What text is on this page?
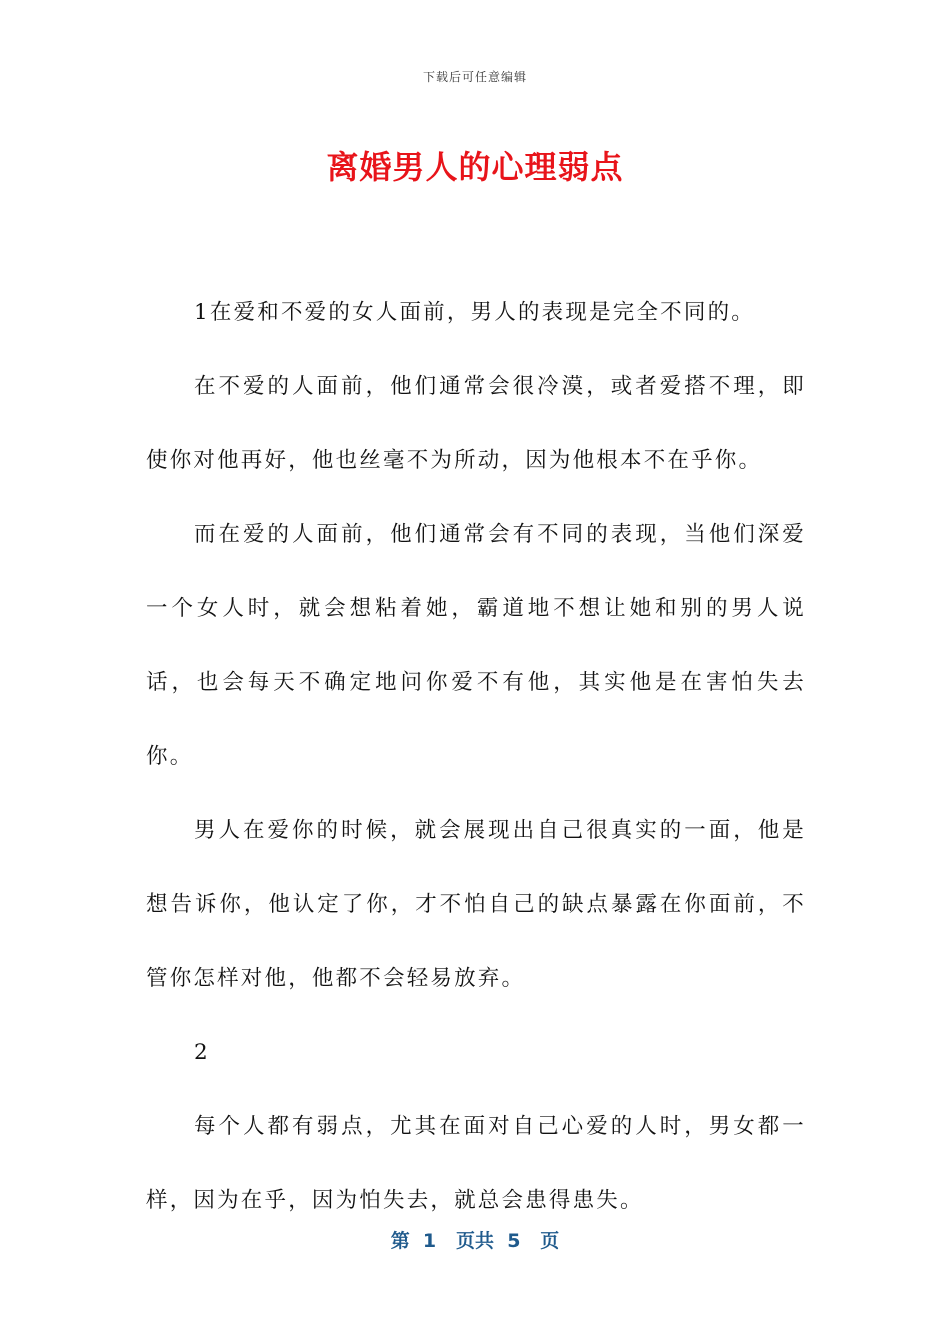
下载后可任意编辑
离婚男人的心理弱点

1在爱和不爱的女人面前，男人的表现是完全不同的。

在不爱的人面前，他们通常会很冷漠，或者爱搭不理，即使你对他再好，他也丝毫不为所动，因为他根本不在乎你。

而在爱的人面前，他们通常会有不同的表现，当他们深爱一个女人时，就会想粘着她，霸道地不想让她和别的男人说话，也会每天不确定地问你爱不有他，其实他是在害怕失去你。

男人在爱你的时候，就会展现出自己很真实的一面，他是想告诉你，他认定了你，才不怕自己的缺点暴露在你面前，不管你怎样对他，他都不会轻易放弃。

2

每个人都有弱点，尤其在面对自己心爱的人时，男女都一样，因为在乎，因为怕失去，就总会患得患失。

第  1   页共  5   页
